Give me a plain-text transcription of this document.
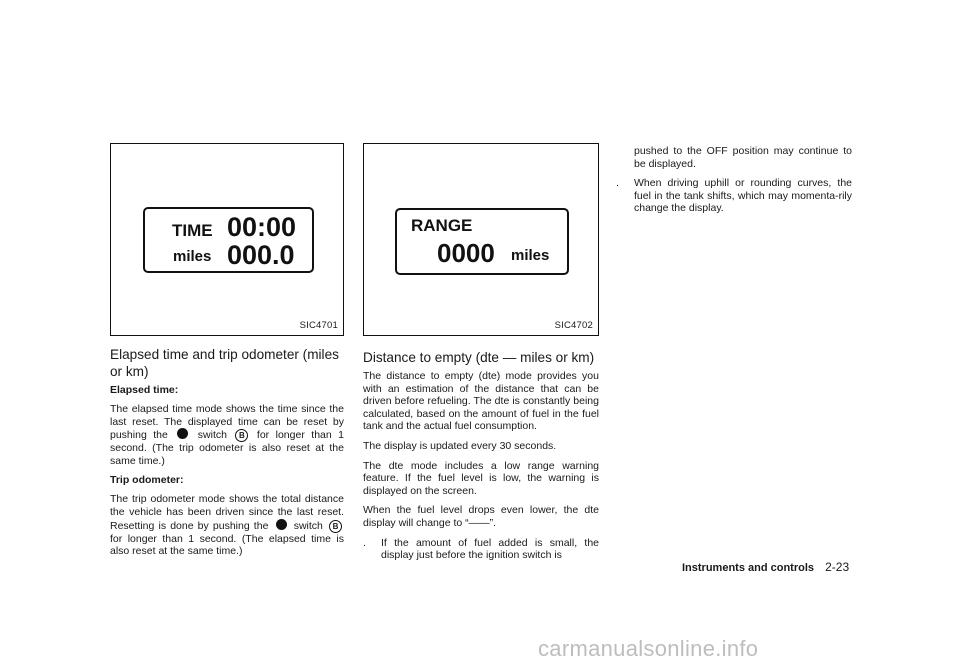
TIME 00:00
miles 000.0
SIC4701
Elapsed time and trip odometer (miles or km)
Elapsed time:

The elapsed time mode shows the time since the last reset. The displayed time can be reset by pushing the	switch B for longer than 1 second. (The trip odometer is also reset at the same time.)

Trip odometer:

The trip odometer mode shows the total distance the vehicle has been driven since the last reset. Resetting is done by pushing the switch B for longer than 1 second. (The elapsed time is also reset at the same time.)

RANGE
0000 miles
SIC4702
Distance to empty (dte — miles or km)

The distance to empty (dte) mode provides you with an estimation of the distance that can be driven before refueling. The dte is constantly being calculated, based on the amount of fuel in the fuel tank and the actual fuel consumption.

The display is updated every 30 seconds.

The dte mode includes a low range warning feature. If the fuel level is low, the warning is displayed on the screen.

When the fuel level drops even lower, the dte display will change to “——”.

.	If the amount of fuel added is small, the display just before the ignition switch is

pushed to the OFF position may continue to be displayed.

.	When driving uphill or rounding curves, the fuel in the tank shifts, which may momenta-rily change the display.
Instruments and controls 2-23
carmanualsonline.info
